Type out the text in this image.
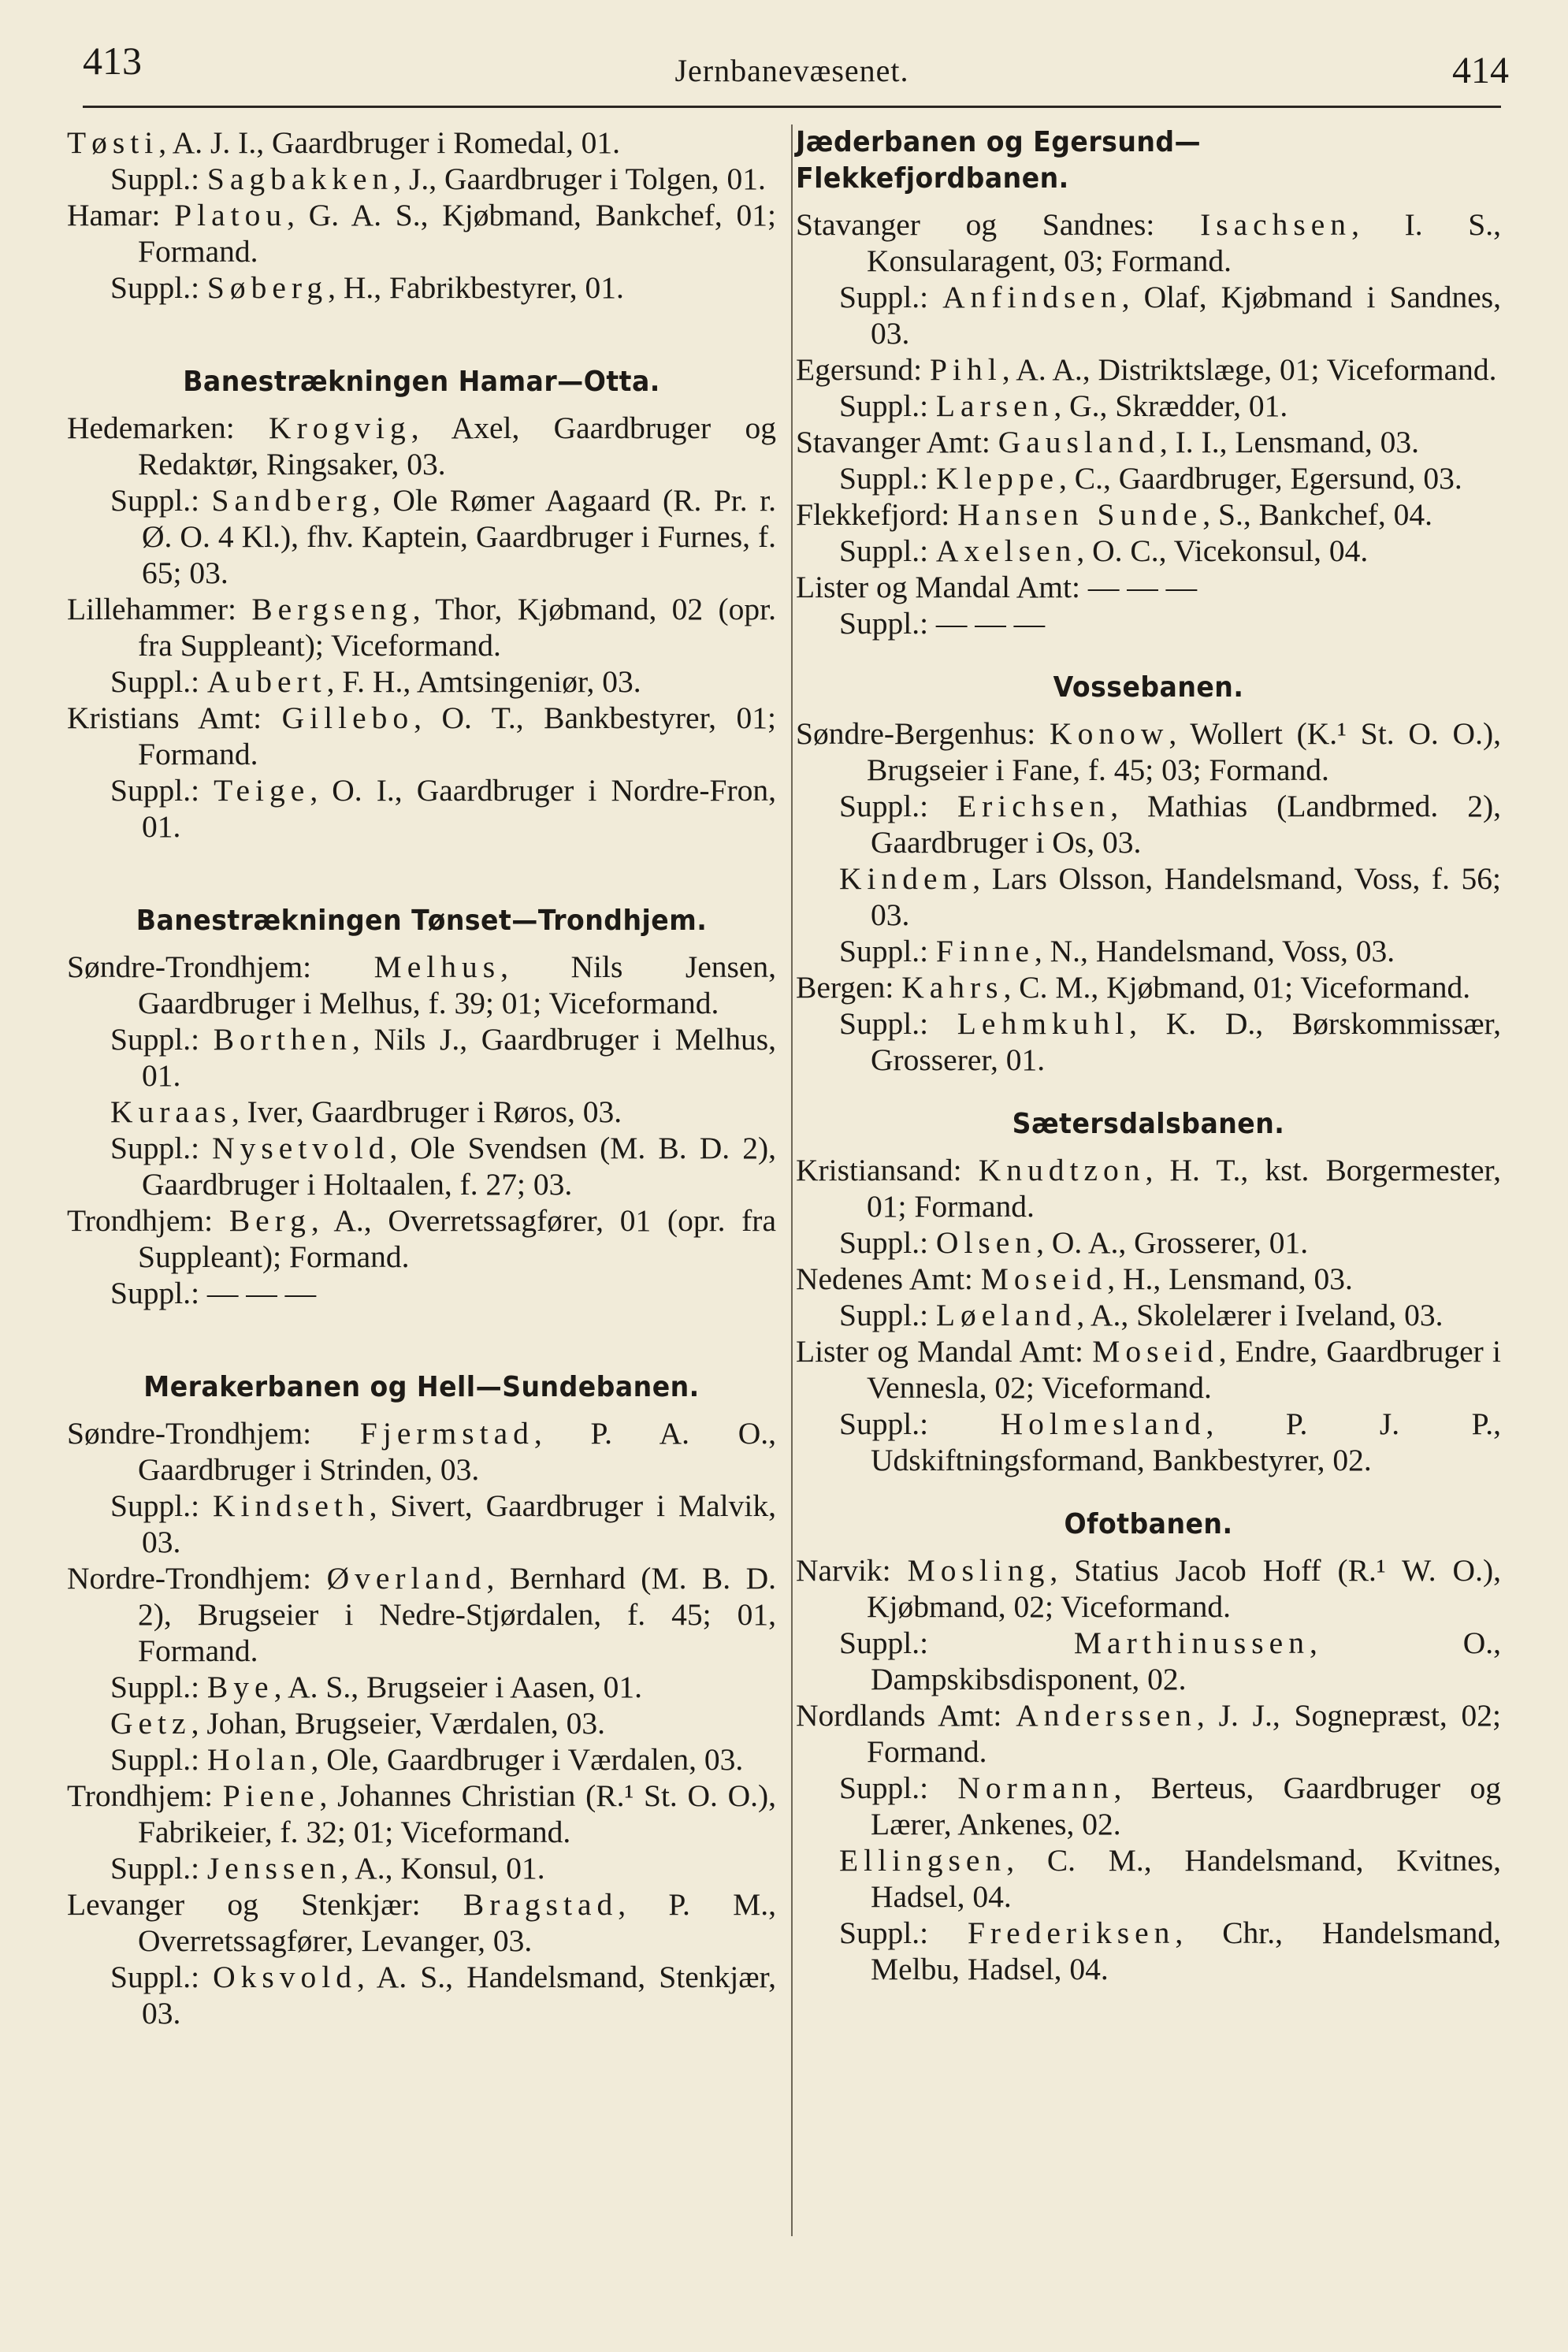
413	Jernbanevæsenet.	414

Tøsti, A. J. I., Gaardbruger i Romedal, 01.

Suppl.: Sagbakken, J., Gaardbruger i Tolgen, 01.

Hamar: Platou, G. A. S., Kjøbmand, Bankchef, 01; Formand.

Suppl.: Søberg, H., Fabrikbestyrer, 01.

Banestrækningen Hamar—Otta.

Hedemarken: Krogvig, Axel, Gaardbruger og Redaktør, Ringsaker, 03.

Suppl.: Sandberg, Ole Rømer Aagaard (R. Pr. r. Ø. O. 4 Kl.), fhv. Kaptein, Gaardbruger i Furnes, f. 65; 03.

Lillehammer: Bergseng, Thor, Kjøbmand, 02 (opr. fra Suppleant); Viceformand.

Suppl.: Aubert, F. H., Amtsingeniør, 03.

Kristians Amt: Gillebo, O. T., Bankbestyrer, 01; Formand.

Suppl.: Teige, O. I., Gaardbruger i Nordre-Fron, 01.

Banestrækningen Tønset—Trondhjem.

Søndre-Trondhjem: Melhus, Nils Jensen, Gaardbruger i Melhus, f. 39; 01; Viceformand.

Suppl.: Borthen, Nils J., Gaardbruger i Melhus, 01.

Kuraas, Iver, Gaardbruger i Røros, 03.

Suppl.: Nysetvold, Ole Svendsen (M. B. D. 2), Gaardbruger i Holtaalen, f. 27; 03.

Trondhjem: Berg, A., Overretssagfører, 01 (opr. fra Suppleant); Formand.

Suppl.: — — —

Merakerbanen og Hell—Sundebanen.

Søndre-Trondhjem: Fjermstad, P. A. O., Gaardbruger i Strinden, 03.

Suppl.: Kindseth, Sivert, Gaardbruger i Malvik, 03.

Nordre-Trondhjem: Øverland, Bernhard (M. B. D. 2), Brugseier i Nedre-Stjørdalen, f. 45; 01, Formand.

Suppl.: Bye, A. S., Brugseier i Aasen, 01.

Getz, Johan, Brugseier, Værdalen, 03.

Suppl.: Holan, Ole, Gaardbruger i Værdalen, 03.

Trondhjem: Piene, Johannes Christian (R.¹ St. O. O.), Fabrikeier, f. 32; 01; Viceformand.

Suppl.: Jenssen, A., Konsul, 01.

Levanger og Stenkjær: Bragstad, P. M., Overretssagfører, Levanger, 03.

Suppl.: Oksvold, A. S., Handelsmand, Stenkjær, 03.

Jæderbanen og Egersund—Flekkefjordbanen.

Stavanger og Sandnes: Isachsen, I. S., Konsularagent, 03; Formand.

Suppl.: Anfindsen, Olaf, Kjøbmand i Sandnes, 03.

Egersund: Pihl, A. A., Distriktslæge, 01; Viceformand.

Suppl.: Larsen, G., Skrædder, 01.

Stavanger Amt: Gausland, I. I., Lensmand, 03.

Suppl.: Kleppe, C., Gaardbruger, Egersund, 03.

Flekkefjord: Hansen Sunde, S., Bankchef, 04.

Suppl.: Axelsen, O. C., Vicekonsul, 04.

Lister og Mandal Amt: — — —

Suppl.: — — —

Vossebanen.

Søndre-Bergenhus: Konow, Wollert (K.¹ St. O. O.), Brugseier i Fane, f. 45; 03; Formand.

Suppl.: Erichsen, Mathias (Landbrmed. 2), Gaardbruger i Os, 03.

Kindem, Lars Olsson, Handelsmand, Voss, f. 56; 03.

Suppl.: Finne, N., Handelsmand, Voss, 03.

Bergen: Kahrs, C. M., Kjøbmand, 01; Viceformand.

Suppl.: Lehmkuhl, K. D., Børskommissær, Grosserer, 01.

Sætersdalsbanen.

Kristiansand: Knudtzon, H. T., kst. Borgermester, 01; Formand.

Suppl.: Olsen, O. A., Grosserer, 01.

Nedenes Amt: Moseid, H., Lensmand, 03.

Suppl.: Løeland, A., Skolelærer i Iveland, 03.

Lister og Mandal Amt: Moseid, Endre, Gaardbruger i Vennesla, 02; Viceformand.

Suppl.: Holmesland, P. J. P., Udskiftningsformand, Bankbestyrer, 02.

Ofotbanen.

Narvik: Mosling, Statius Jacob Hoff (R.¹ W. O.), Kjøbmand, 02; Viceformand.

Suppl.: Marthinussen, O., Dampskibsdisponent, 02.

Nordlands Amt: Anderssen, J. J., Sognepræst, 02; Formand.

Suppl.: Normann, Berteus, Gaardbruger og Lærer, Ankenes, 02.

Ellingsen, C. M., Handelsmand, Kvitnes, Hadsel, 04.

Suppl.: Frederiksen, Chr., Handelsmand, Melbu, Hadsel, 04.
